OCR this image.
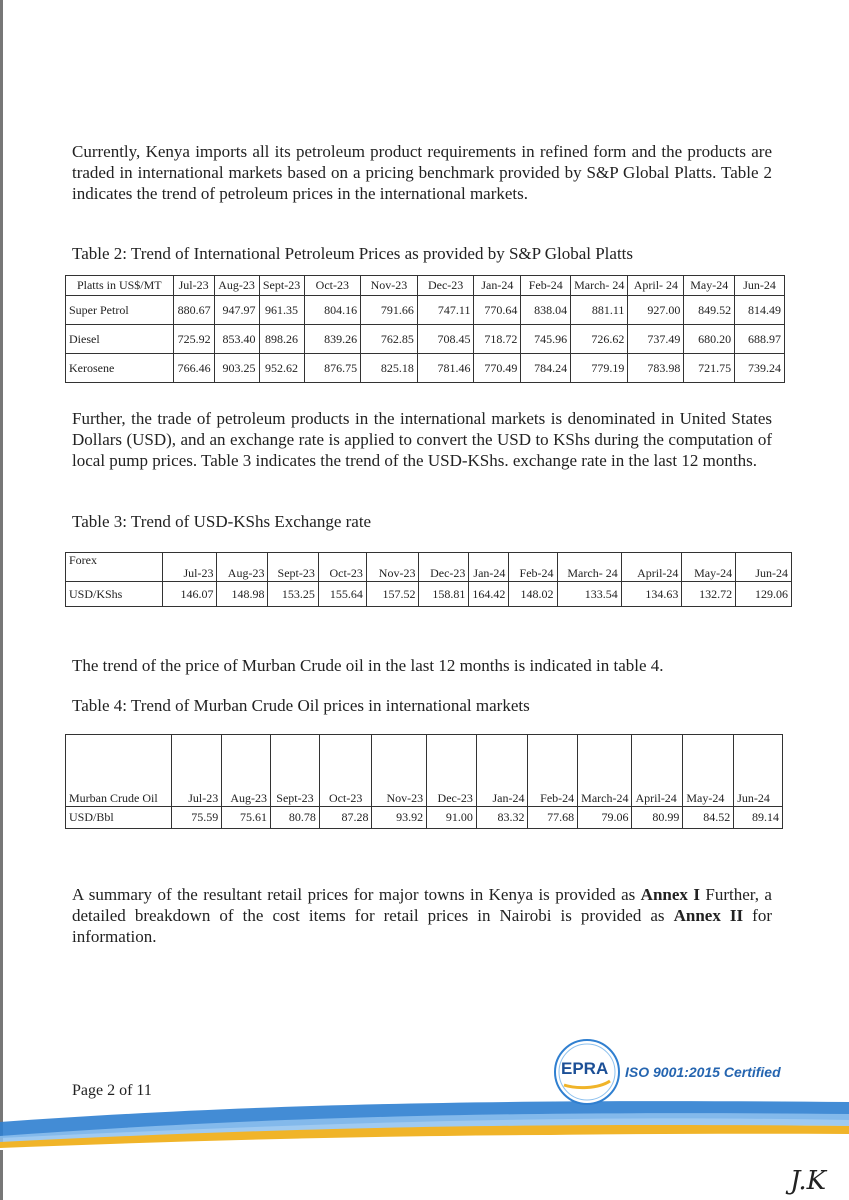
Currently, Kenya imports all its petroleum product requirements in refined form and the products are traded in international markets based on a pricing benchmark provided by S&P Global Platts. Table 2 indicates the trend of petroleum prices in the international markets.

Table 2: Trend of International Petroleum Prices as provided by S&P Global Platts

Platts in US$/MT	Jul-23	Aug-23	Sept-23	Oct-23	Nov-23	Dec-23	Jan-24	Feb-24	March- 24	April- 24	May-24	Jun-24
Super Petrol	880.67	947.97	961.35	804.16	791.66	747.11	770.64	838.04	881.11	927.00	849.52	814.49
Diesel	725.92	853.40	898.26	839.26	762.85	708.45	718.72	745.96	726.62	737.49	680.20	688.97
Kerosene	766.46	903.25	952.62	876.75	825.18	781.46	770.49	784.24	779.19	783.98	721.75	739.24

Further, the trade of petroleum products in the international markets is denominated in United States Dollars (USD), and an exchange rate is applied to convert the USD to KShs during the computation of local pump prices. Table 3 indicates the trend of the USD-KShs. exchange rate in the last 12 months.

Table 3: Trend of USD-KShs Exchange rate

Forex	Jul-23	Aug-23	Sept-23	Oct-23	Nov-23	Dec-23	Jan-24	Feb-24	March- 24	April-24	May-24	Jun-24
USD/KShs	146.07	148.98	153.25	155.64	157.52	158.81	164.42	148.02	133.54	134.63	132.72	129.06

The trend of the price of Murban Crude oil in the last 12 months is indicated in table 4.

Table 4: Trend of Murban Crude Oil prices in international markets

Murban Crude Oil	Jul-23	Aug-23	Sept-23	Oct-23	Nov-23	Dec-23	Jan-24	Feb-24	March-24	April-24	May-24	Jun-24
USD/Bbl	75.59	75.61	80.78	87.28	93.92	91.00	83.32	77.68	79.06	80.99	84.52	89.14

A summary of the resultant retail prices for major towns in Kenya is provided as Annex I Further, a detailed breakdown of the cost items for retail prices in Nairobi is provided as Annex II for information.

Page 2 of 11

EPRA ISO 9001:2015 Certified
J.K
